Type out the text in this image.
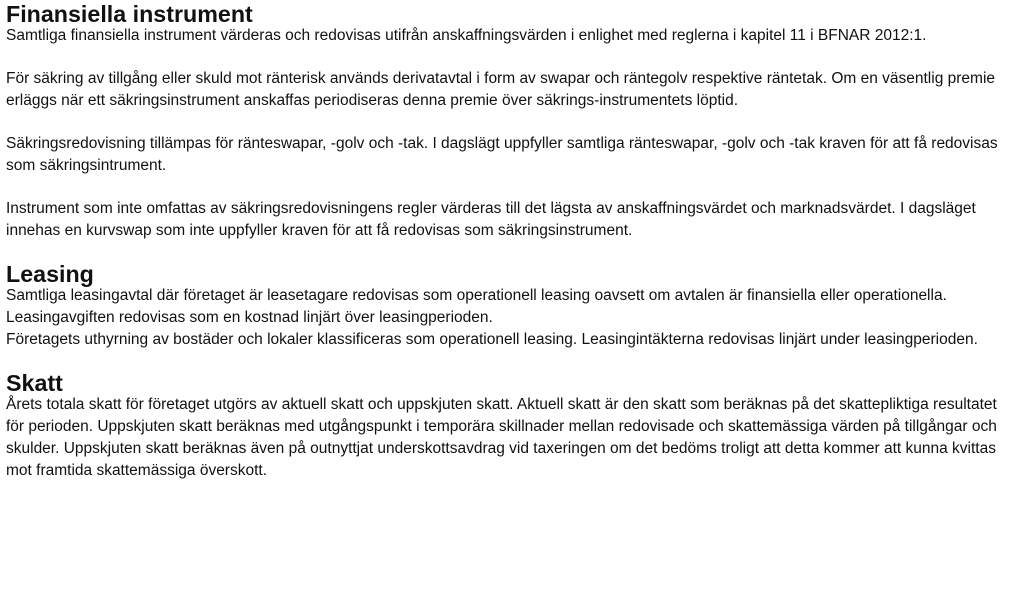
Finansiella instrument

Samtliga finansiella instrument värderas och redovisas utifrån anskaffningsvärden i enlighet med reglerna i kapitel 11 i BFNAR 2012:1.

För säkring av tillgång eller skuld mot ränterisk används derivatavtal i form av swapar och räntegolv respektive räntetak. Om en väsentlig premie erläggs när ett säkringsinstrument anskaffas periodiseras denna premie över säkrings-instrumentets löptid.

Säkringsredovisning tillämpas för ränteswapar, -golv och -tak. I dagslägt uppfyller samtliga ränteswapar, -golv och -tak kraven för att få redovisas som säkringsintrument.

Instrument som inte omfattas av säkringsredovisningens regler värderas till det lägsta av anskaffningsvärdet och marknadsvärdet. I dagsläget innehas en kurvswap som inte uppfyller kraven för att få redovisas som säkringsinstrument.

Leasing

Samtliga leasingavtal där företaget är leasetagare redovisas som operationell leasing oavsett om avtalen är finansiella eller operationella. Leasingavgiften redovisas som en kostnad linjärt över leasingperioden.

Företagets uthyrning av bostäder och lokaler klassificeras som operationell leasing. Leasingintäkterna redovisas linjärt under leasingperioden.

Skatt

Årets totala skatt för företaget utgörs av aktuell skatt och uppskjuten skatt. Aktuell skatt är den skatt som beräknas på det skattepliktiga resultatet för perioden. Uppskjuten skatt beräknas med utgångspunkt i temporära skillnader mellan redovisade och skattemässiga värden på tillgångar och skulder. Uppskjuten skatt beräknas även på outnyttjat underskottsavdrag vid taxeringen om det bedöms troligt att detta kommer att kunna kvittas mot framtida skattemässiga överskott.
